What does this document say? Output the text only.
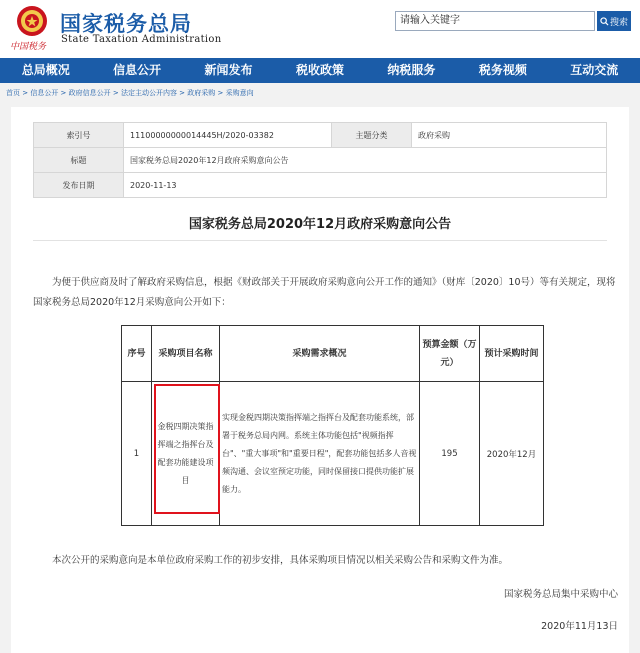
中国税务
国家税务总局
State Taxation Administration
请输入关键字	搜索
总局概况	信息公开	新闻发布	税收政策	纳税服务	税务视频	互动交流
首页 > 信息公开 > 政府信息公开 > 法定主动公开内容 > 政府采购 > 采购意向
索引号	11100000000014445H/2020-03382	主题分类	政府采购
标题	国家税务总局2020年12月政府采购意向公告		
发布日期	2020-11-13		
国家税务总局2020年12月政府采购意向公告
为便于供应商及时了解政府采购信息，根据《财政部关于开展政府采购意向公开工作的通知》（财库〔2020〕10号）等有关规定，现将国家税务总局2020年12月采购意向公开如下：
序号	采购项目名称	采购需求概况	预算金额（万元）	预计采购时间
1	金税四期决策指挥端之指挥台及配套功能建设项目	实现金税四期决策指挥端之指挥台及配套功能系统，部署于税务总局内网。系统主体功能包括"视频指挥台"、"重大事项"和"重要日程"，配套功能包括多人音视频沟通、会议室预定功能，同时保留接口提供功能扩展能力。	195	2020年12月
本次公开的采购意向是本单位政府采购工作的初步安排，具体采购项目情况以相关采购公告和采购文件为准。
国家税务总局集中采购中心
2020年11月13日
